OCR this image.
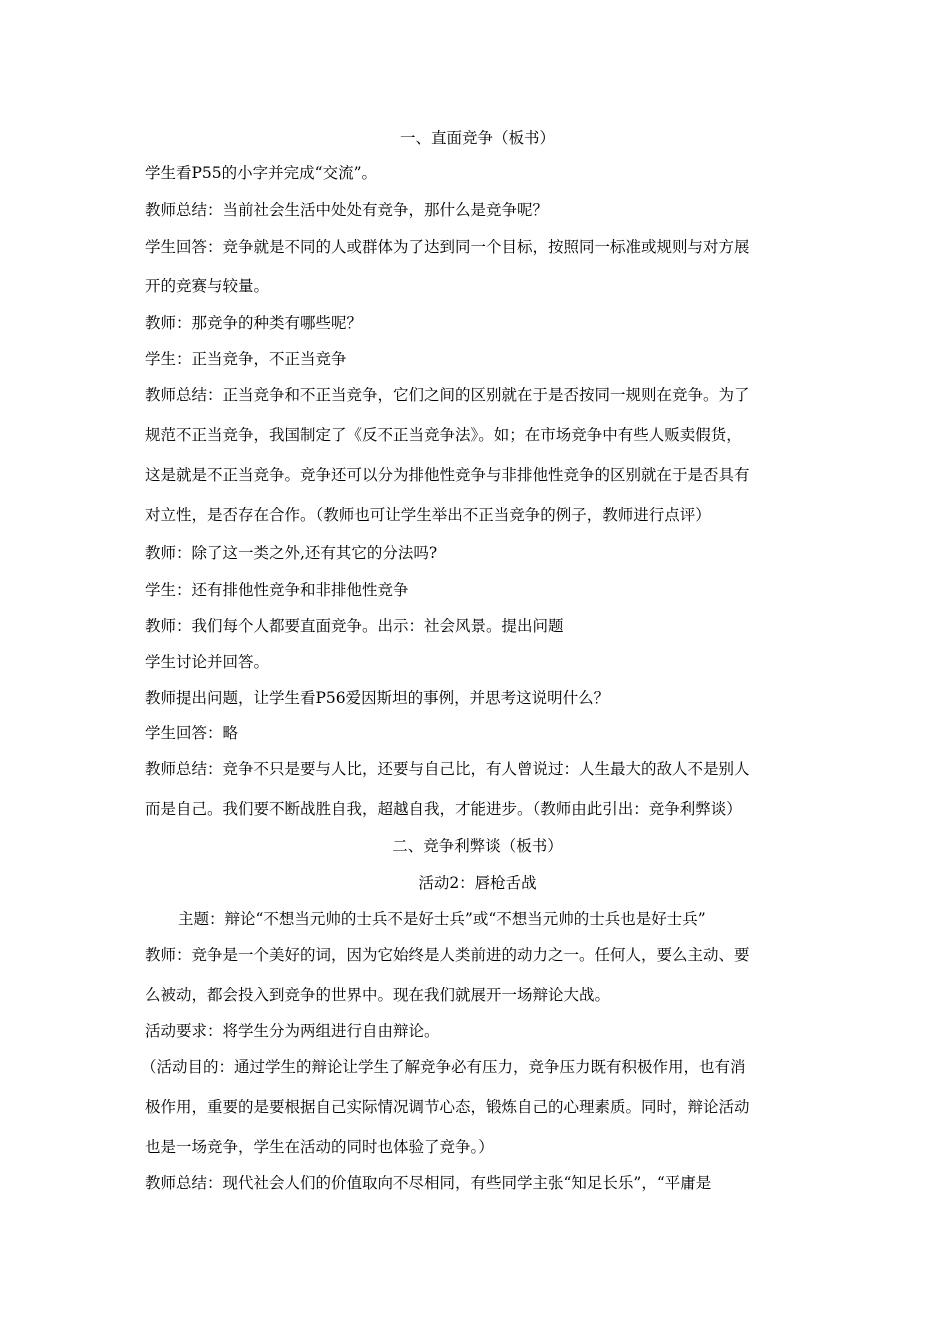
一、直面竞争（板书）
学生看P55的小字并完成“交流”。
教师总结：当前社会生活中处处有竞争，那什么是竞争呢？
学生回答：竞争就是不同的人或群体为了达到同一个目标，按照同一标准或规则与对方展
开的竞赛与较量。
教师：那竞争的种类有哪些呢？
学生：正当竞争，不正当竞争
教师总结：正当竞争和不正当竞争，它们之间的区别就在于是否按同一规则在竞争。为了
规范不正当竞争，我国制定了《反不正当竞争法》。如；在市场竞争中有些人贩卖假货，
这是就是不正当竞争。竞争还可以分为排他性竞争与非排他性竞争的区别就在于是否具有
对立性，是否存在合作。（教师也可让学生举出不正当竞争的例子，教师进行点评）
教师：除了这一类之外,还有其它的分法吗?
学生：还有排他性竞争和非排他性竞争
教师：我们每个人都要直面竞争。出示：社会风景。提出问题
学生讨论并回答。
教师提出问题，让学生看P56爱因斯坦的事例，并思考这说明什么？
学生回答：略
教师总结：竞争不只是要与人比，还要与自己比，有人曾说过：人生最大的敌人不是别人
而是自己。我们要不断战胜自我，超越自我，才能进步。（教师由此引出：竞争利弊谈）
二、竞争利弊谈（板书）
活动2：唇枪舌战
主题：辩论“不想当元帅的士兵不是好士兵”或“不想当元帅的士兵也是好士兵”
教师：竞争是一个美好的词，因为它始终是人类前进的动力之一。任何人，要么主动、要
么被动，都会投入到竞争的世界中。现在我们就展开一场辩论大战。
活动要求：将学生分为两组进行自由辩论。
（活动目的：通过学生的辩论让学生了解竞争必有压力，竞争压力既有积极作用，也有消
极作用，重要的是要根据自己实际情况调节心态，锻炼自己的心理素质。同时，辩论活动
也是一场竞争，学生在活动的同时也体验了竞争。）
教师总结：现代社会人们的价值取向不尽相同，有些同学主张“知足长乐”，“平庸是
